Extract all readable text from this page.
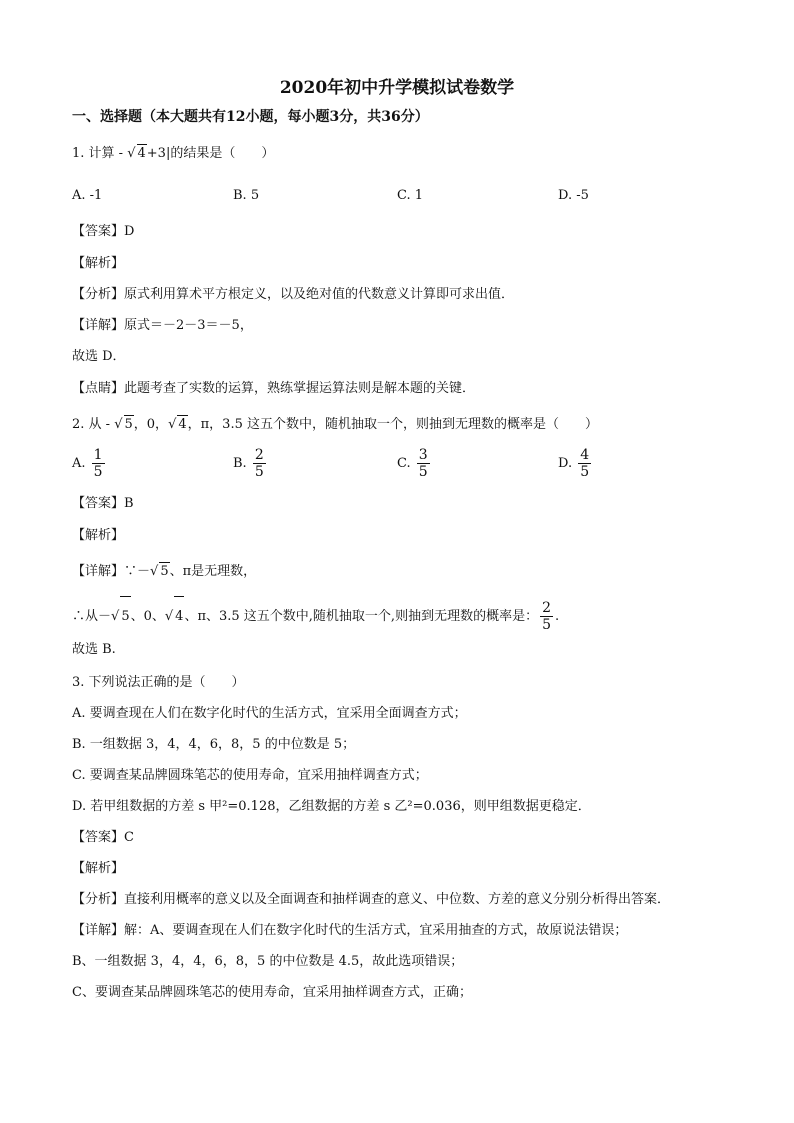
2020年初中升学模拟试卷数学
一、选择题（本大题共有12小题，每小题3分，共36分）
1. 计算 - √ 4+3|的结果是（　　）
A. -1	B. 5	C. 1	D. -5
【答案】D
【解析】
【分析】原式利用算术平方根定义，以及绝对值的代数意义计算即可求出值．
【详解】原式＝－2－3＝－5，
故选 D．
【点睛】此题考查了实数的运算，熟练掌握运算法则是解本题的关键．
2. 从 - √ 5，0，√ 4，π，3.5 这五个数中，随机抽取一个，则抽到无理数的概率是（　　）
A. $\frac{1}{5}$	B. $\frac{2}{5}$	C. $\frac{3}{5}$	D. $\frac{4}{5}$
【答案】B
【解析】
【详解】∵－√ 5、π是无理数，
∴从－√ 5、0、√ 4、π、3.5 这五个数中,随机抽取一个,则抽到无理数的概率是： $\frac{2}{5}$ .
故选 B.
3. 下列说法正确的是（　　）
A. 要调查现在人们在数字化时代的生活方式，宜采用全面调查方式；
B. 一组数据 3，4，4，6，8，5 的中位数是 5；
C. 要调查某品牌圆珠笔芯的使用寿命，宜采用抽样调查方式；
D. 若甲组数据的方差 s 甲²=0.128，乙组数据的方差 s 乙²=0.036，则甲组数据更稳定．
【答案】C
【解析】
【分析】直接利用概率的意义以及全面调查和抽样调查的意义、中位数、方差的意义分别分析得出答案．
【详解】解：A、要调查现在人们在数字化时代的生活方式，宜采用抽查的方式，故原说法错误；
B、一组数据 3，4，4，6，8，5 的中位数是 4.5，故此选项错误；
C、要调查某品牌圆珠笔芯的使用寿命，宜采用抽样调查方式，正确；
